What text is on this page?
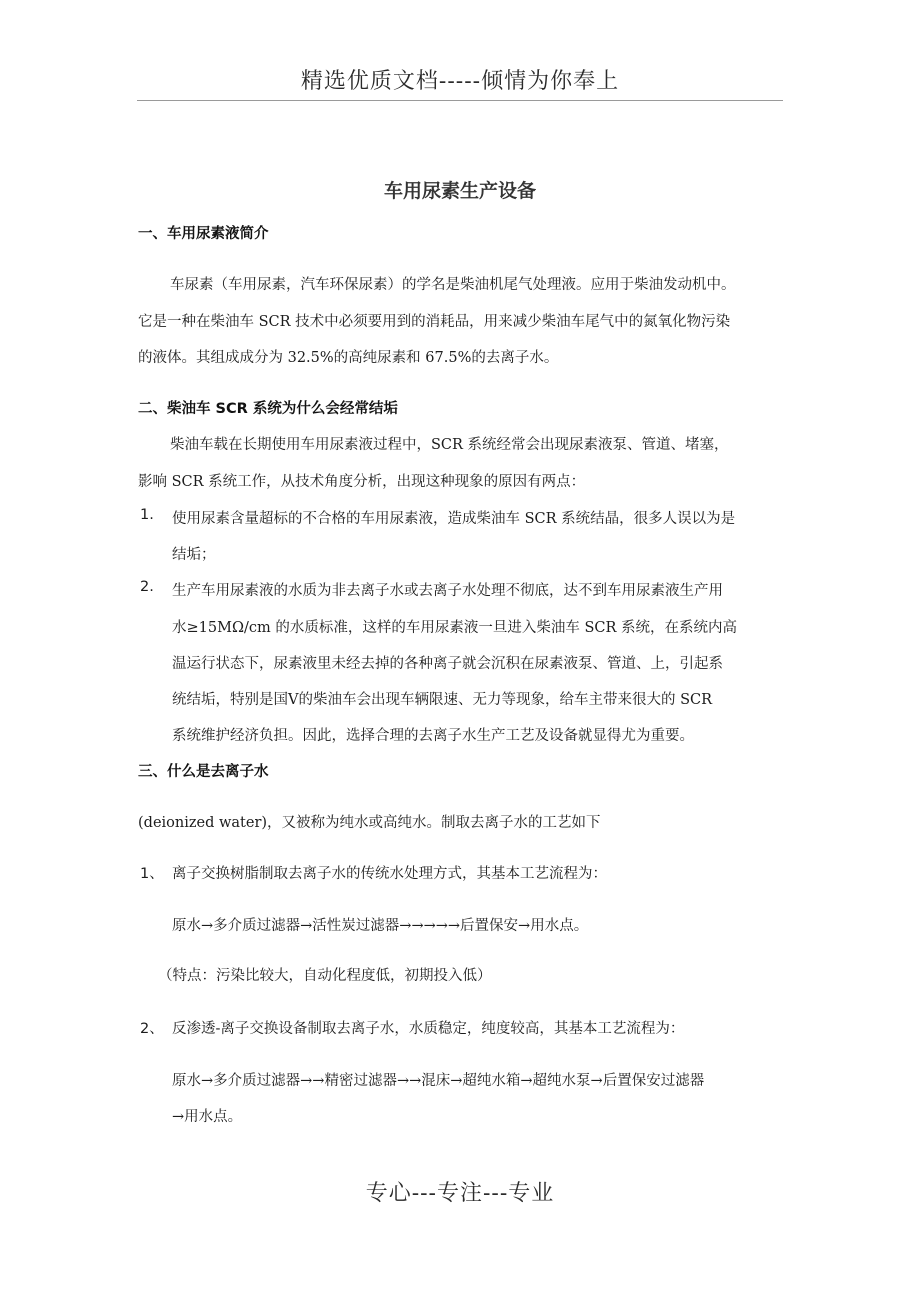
精选优质文档-----倾情为你奉上
车用尿素生产设备
一、车用尿素液简介
车尿素（车用尿素，汽车环保尿素）的学名是柴油机尾气处理液。应用于柴油发动机中。
它是一种在柴油车 SCR 技术中必须要用到的消耗品，用来减少柴油车尾气中的氮氧化物污染
的液体。其组成成分为 32.5%的高纯尿素和 67.5%的去离子水。
二、柴油车 SCR 系统为什么会经常结垢
柴油车载在长期使用车用尿素液过程中，SCR 系统经常会出现尿素液泵、管道、堵塞，
影响 SCR 系统工作，从技术角度分析，出现这种现象的原因有两点：
1. 使用尿素含量超标的不合格的车用尿素液，造成柴油车 SCR 系统结晶，很多人误以为是
结垢；
2. 生产车用尿素液的水质为非去离子水或去离子水处理不彻底，达不到车用尿素液生产用
水≥15MΩ/cm 的水质标准，这样的车用尿素液一旦进入柴油车 SCR 系统，在系统内高
温运行状态下，尿素液里未经去掉的各种离子就会沉积在尿素液泵、管道、上，引起系
统结垢，特别是国Ⅴ的柴油车会出现车辆限速、无力等现象，给车主带来很大的 SCR
系统维护经济负担。因此，选择合理的去离子水生产工艺及设备就显得尤为重要。
三、什么是去离子水
(deionized water)，又被称为纯水或高纯水。制取去离子水的工艺如下
1、 离子交换树脂制取去离子水的传统水处理方式，其基本工艺流程为：
原水→多介质过滤器→活性炭过滤器→→→→→后置保安→用水点。
（特点：污染比较大，自动化程度低，初期投入低）
2、 反渗透-离子交换设备制取去离子水，水质稳定，纯度较高，其基本工艺流程为：
原水→多介质过滤器→→精密过滤器→→混床→超纯水箱→超纯水泵→后置保安过滤器
→用水点。
专心---专注---专业
